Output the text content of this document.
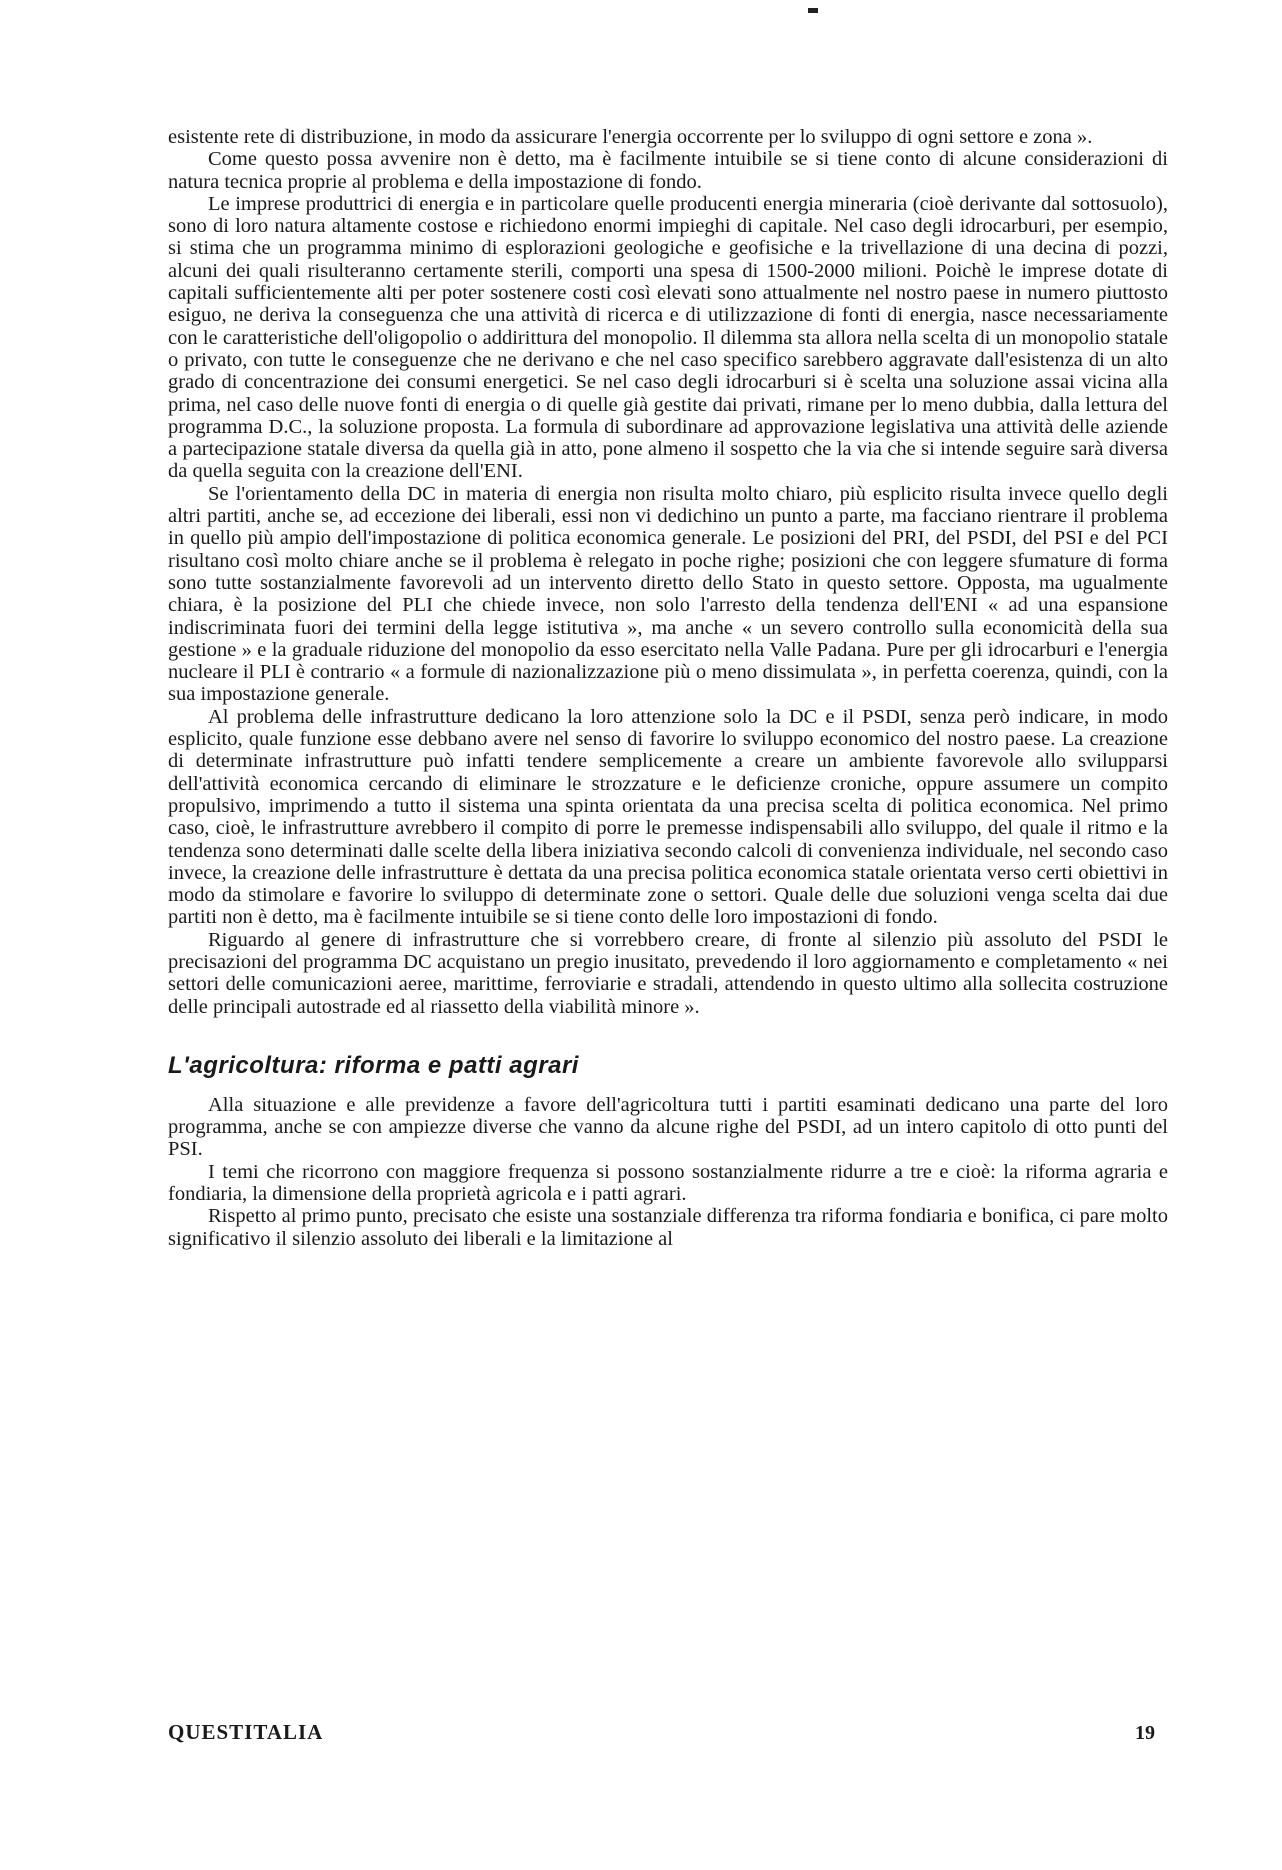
esistente rete di distribuzione, in modo da assicurare l'energia occorrente per lo sviluppo di ogni settore e zona ».

Come questo possa avvenire non è detto, ma è facilmente intuibile se si tiene conto di alcune considerazioni di natura tecnica proprie al problema e della impostazione di fondo.

Le imprese produttrici di energia e in particolare quelle producenti energia mineraria (cioè derivante dal sottosuolo), sono di loro natura altamente costose e richiedono enormi impieghi di capitale. Nel caso degli idrocarburi, per esempio, si stima che un programma minimo di esplorazioni geologiche e geofisiche e la trivellazione di una decina di pozzi, alcuni dei quali risulteranno certamente sterili, comporti una spesa di 1500-2000 milioni. Poichè le imprese dotate di capitali sufficientemente alti per poter sostenere costi così elevati sono attualmente nel nostro paese in numero piuttosto esiguo, ne deriva la conseguenza che una attività di ricerca e di utilizzazione di fonti di energia, nasce necessariamente con le caratteristiche dell'oligopolio o addirittura del monopolio. Il dilemma sta allora nella scelta di un monopolio statale o privato, con tutte le conseguenze che ne derivano e che nel caso specifico sarebbero aggravate dall'esistenza di un alto grado di concentrazione dei consumi energetici. Se nel caso degli idrocarburi si è scelta una soluzione assai vicina alla prima, nel caso delle nuove fonti di energia o di quelle già gestite dai privati, rimane per lo meno dubbia, dalla lettura del programma D.C., la soluzione proposta. La formula di subordinare ad approvazione legislativa una attività delle aziende a partecipazione statale diversa da quella già in atto, pone almeno il sospetto che la via che si intende seguire sarà diversa da quella seguita con la creazione dell'ENI.

Se l'orientamento della DC in materia di energia non risulta molto chiaro, più esplicito risulta invece quello degli altri partiti, anche se, ad eccezione dei liberali, essi non vi dedichino un punto a parte, ma facciano rientrare il problema in quello più ampio dell'impostazione di politica economica generale. Le posizioni del PRI, del PSDI, del PSI e del PCI risultano così molto chiare anche se il problema è relegato in poche righe; posizioni che con leggere sfumature di forma sono tutte sostanzialmente favorevoli ad un intervento diretto dello Stato in questo settore. Opposta, ma ugualmente chiara, è la posizione del PLI che chiede invece, non solo l'arresto della tendenza dell'ENI « ad una espansione indiscriminata fuori dei termini della legge istitutiva », ma anche « un severo controllo sulla economicità della sua gestione » e la graduale riduzione del monopolio da esso esercitato nella Valle Padana. Pure per gli idrocarburi e l'energia nucleare il PLI è contrario « a formule di nazionalizzazione più o meno dissimulata », in perfetta coerenza, quindi, con la sua impostazione generale.

Al problema delle infrastrutture dedicano la loro attenzione solo la DC e il PSDI, senza però indicare, in modo esplicito, quale funzione esse debbano avere nel senso di favorire lo sviluppo economico del nostro paese. La creazione di determinate infrastrutture può infatti tendere semplicemente a creare un ambiente favorevole allo svilupparsi dell'attività economica cercando di eliminare le strozzature e le deficienze croniche, oppure assumere un compito propulsivo, imprimendo a tutto il sistema una spinta orientata da una precisa scelta di politica economica. Nel primo caso, cioè, le infrastrutture avrebbero il compito di porre le premesse indispensabili allo sviluppo, del quale il ritmo e la tendenza sono determinati dalle scelte della libera iniziativa secondo calcoli di convenienza individuale, nel secondo caso invece, la creazione delle infrastrutture è dettata da una precisa politica economica statale orientata verso certi obiettivi in modo da stimolare e favorire lo sviluppo di determinate zone o settori. Quale delle due soluzioni venga scelta dai due partiti non è detto, ma è facilmente intuibile se si tiene conto delle loro impostazioni di fondo.

Riguardo al genere di infrastrutture che si vorrebbero creare, di fronte al silenzio più assoluto del PSDI le precisazioni del programma DC acquistano un pregio inusitato, prevedendo il loro aggiornamento e completamento « nei settori delle comunicazioni aeree, marittime, ferroviarie e stradali, attendendo in questo ultimo alla sollecita costruzione delle principali autostrade ed al riassetto della viabilità minore ».

L'agricoltura: riforma e patti agrari

Alla situazione e alle previdenze a favore dell'agricoltura tutti i partiti esaminati dedicano una parte del loro programma, anche se con ampiezze diverse che vanno da alcune righe del PSDI, ad un intero capitolo di otto punti del PSI.

I temi che ricorrono con maggiore frequenza si possono sostanzialmente ridurre a tre e cioè: la riforma agraria e fondiaria, la dimensione della proprietà agricola e i patti agrari.

Rispetto al primo punto, precisato che esiste una sostanziale differenza tra riforma fondiaria e bonifica, ci pare molto significativo il silenzio assoluto dei liberali e la limitazione al

QUESTITALIA	19
